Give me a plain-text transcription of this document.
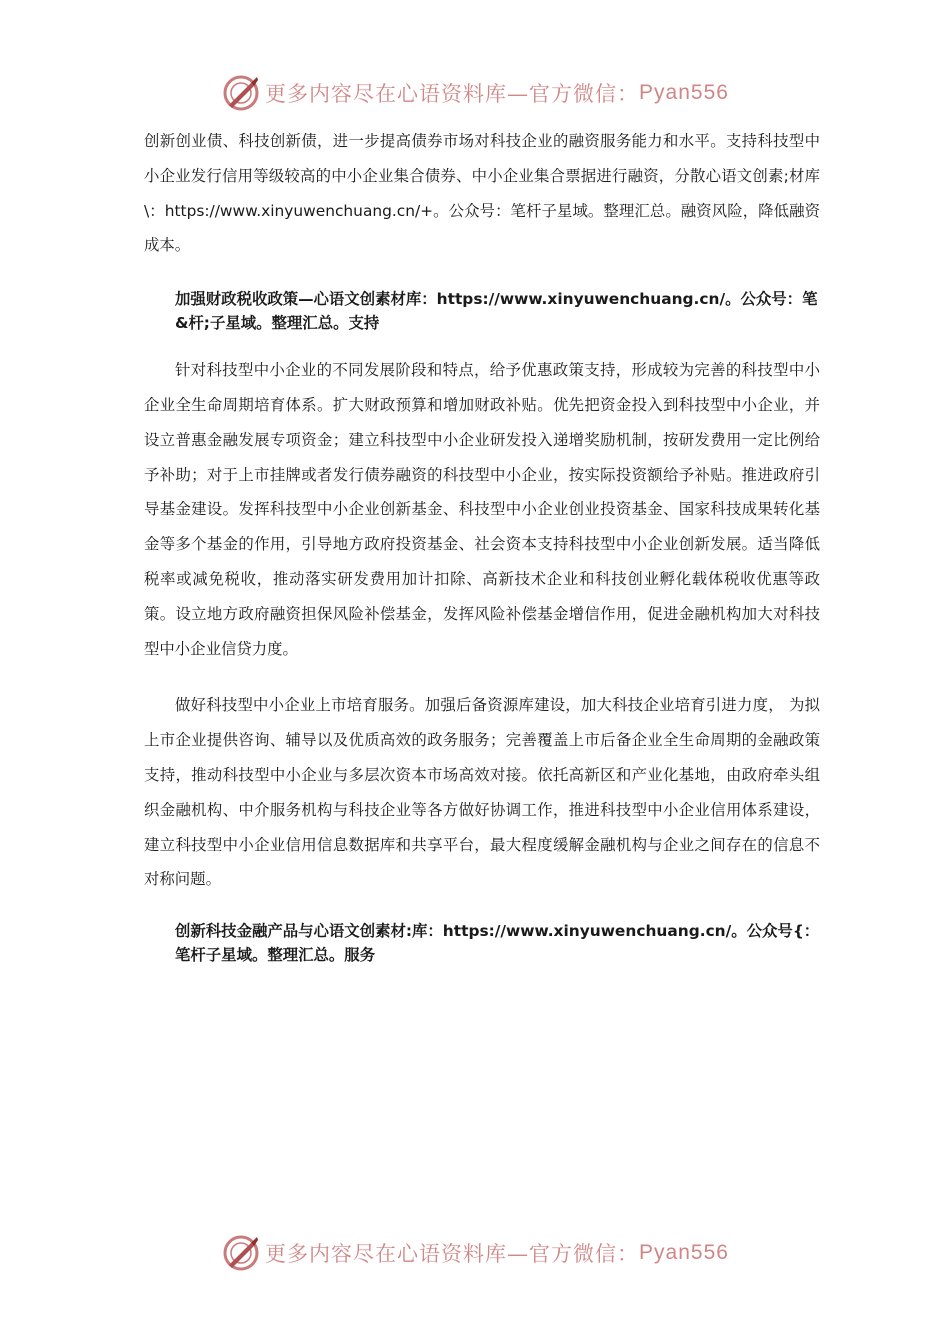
更多内容尽在心语资料库—官方微信： Pyan556

创新创业债、科技创新债，进一步提高债券市场对科技企业的融资服务能力和水平。支持科技型中小企业发行信用等级较高的中小企业集合债券、中小企业集合票据进行融资，分散心语文创素;材库\：https://www.xinyuwenchuang.cn/+。公众号：笔杆子星域。整理汇总。融资风险，降低融资成本。

加强财政税收政策—心语文创素材库：https://www.xinyuwenchuang.cn/。公众号：笔&杆;子星域。整理汇总。支持

针对科技型中小企业的不同发展阶段和特点，给予优惠政策支持，形成较为完善的科技型中小企业全生命周期培育体系。扩大财政预算和增加财政补贴。优先把资金投入到科技型中小企业，并设立普惠金融发展专项资金；建立科技型中小企业研发投入递增奖励机制，按研发费用一定比例给予补助；对于上市挂牌或者发行债券融资的科技型中小企业，按实际投资额给予补贴。推进政府引导基金建设。发挥科技型中小企业创新基金、科技型中小企业创业投资基金、国家科技成果转化基金等多个基金的作用，引导地方政府投资基金、社会资本支持科技型中小企业创新发展。适当降低税率或减免税收，推动落实研发费用加计扣除、高新技术企业和科技创业孵化载体税收优惠等政策。设立地方政府融资担保风险补偿基金，发挥风险补偿基金增信作用，促进金融机构加大对科技型中小企业信贷力度。

做好科技型中小企业上市培育服务。加强后备资源库建设，加大科技企业培育引进力度， 为拟上市企业提供咨询、辅导以及优质高效的政务服务；完善覆盖上市后备企业全生命周期的金融政策支持，推动科技型中小企业与多层次资本市场高效对接。依托高新区和产业化基地，由政府牵头组织金融机构、中介服务机构与科技企业等各方做好协调工作，推进科技型中小企业信用体系建设，建立科技型中小企业信用信息数据库和共享平台，最大程度缓解金融机构与企业之间存在的信息不对称问题。

创新科技金融产品与心语文创素材:库：https://www.xinyuwenchuang.cn/。公众号{：笔杆子星域。整理汇总。服务

更多内容尽在心语资料库—官方微信： Pyan556
